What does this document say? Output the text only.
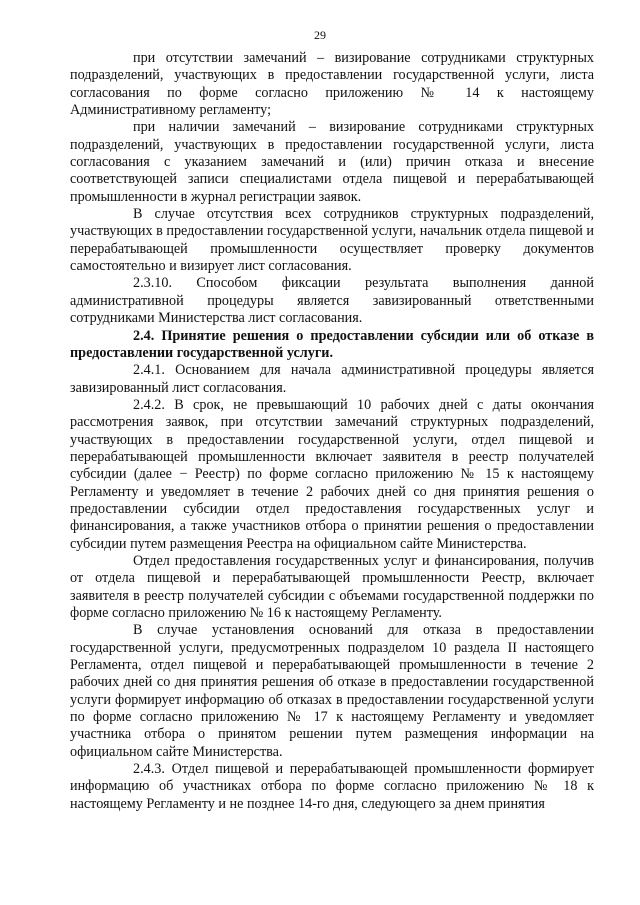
29

при отсутствии замечаний – визирование сотрудниками структурных подразделений, участвующих в предоставлении государственной услуги, листа согласования по форме согласно приложению № 14 к настоящему Административному регламенту;

при наличии замечаний – визирование сотрудниками структурных подразделений, участвующих в предоставлении государственной услуги, листа согласования с указанием замечаний и (или) причин отказа и внесение соответствующей записи специалистами отдела пищевой и перерабатывающей промышленности в журнал регистрации заявок.

В случае отсутствия всех сотрудников структурных подразделений, участвующих в предоставлении государственной услуги, начальник отдела пищевой и перерабатывающей промышленности осуществляет проверку документов самостоятельно и визирует лист согласования.

2.3.10. Способом фиксации результата выполнения данной административной процедуры является завизированный ответственными сотрудниками Министерства лист согласования.

2.4. Принятие решения о предоставлении субсидии или об отказе в предоставлении государственной услуги.

2.4.1. Основанием для начала административной процедуры является завизированный лист согласования.

2.4.2. В срок, не превышающий 10 рабочих дней с даты окончания рассмотрения заявок, при отсутствии замечаний структурных подразделений, участвующих в предоставлении государственной услуги, отдел пищевой и перерабатывающей промышленности включает заявителя в реестр получателей субсидии (далее − Реестр) по форме согласно приложению № 15 к настоящему Регламенту и уведомляет в течение 2 рабочих дней со дня принятия решения о предоставлении субсидии отдел предоставления государственных услуг и финансирования, а также участников отбора о принятии решения о предоставлении субсидии путем размещения Реестра на официальном сайте Министерства.

Отдел предоставления государственных услуг и финансирования, получив от отдела пищевой и перерабатывающей промышленности Реестр, включает заявителя в реестр получателей субсидии с объемами государственной поддержки по форме согласно приложению № 16 к настоящему Регламенту.

В случае установления оснований для отказа в предоставлении государственной услуги, предусмотренных подразделом 10 раздела II настоящего Регламента, отдел пищевой и перерабатывающей промышленности в течение 2 рабочих дней со дня принятия решения об отказе в предоставлении государственной услуги формирует информацию об отказах в предоставлении государственной услуги по форме согласно приложению № 17 к настоящему Регламенту и уведомляет участника отбора о принятом решении путем размещения информации на официальном сайте Министерства.

2.4.3. Отдел пищевой и перерабатывающей промышленности формирует информацию об участниках отбора по форме согласно приложению № 18 к настоящему Регламенту и не позднее 14-го дня, следующего за днем принятия
